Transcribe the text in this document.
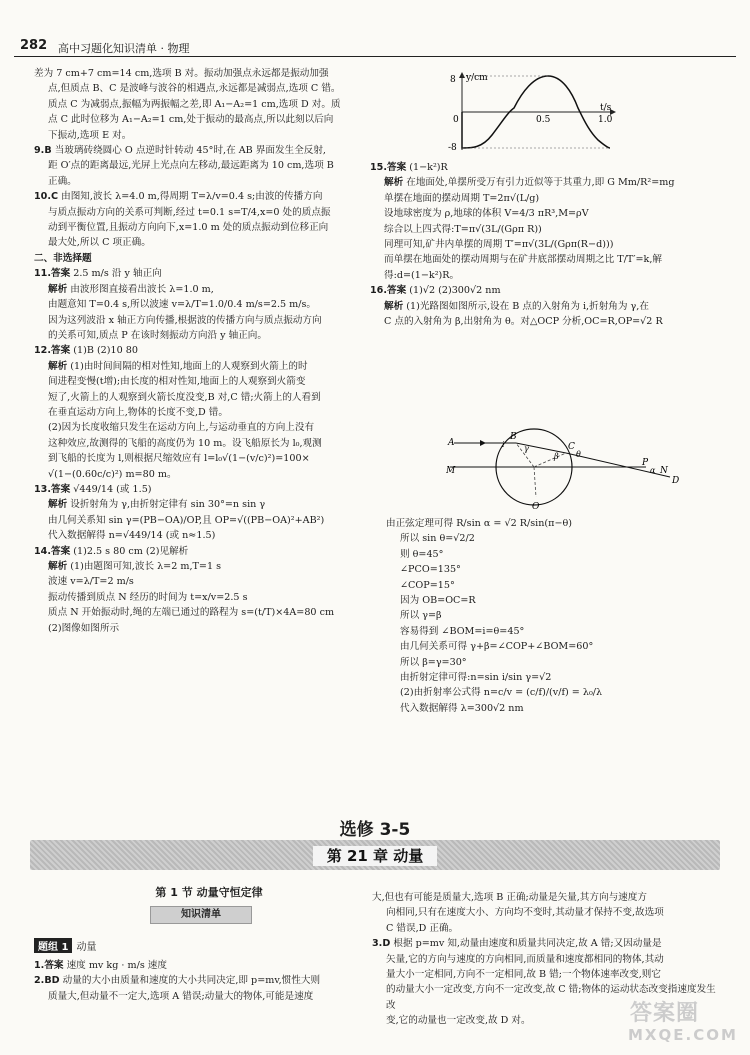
282 高中习题化知识清单 · 物理

差为 7 cm+7 cm=14 cm,选项 B 对。振动加强点永远都是振动加强

点,但质点 B、C 是波峰与波谷的相遇点,永远都是减弱点,选项 C 错。

质点 C 为减弱点,振幅为两振幅之差,即 A₁−A₂=1 cm,选项 D 对。质

点 C 此时位移为 A₁−A₂=1 cm,处于振动的最高点,所以此刻以后向

下振动,选项 E 对。

9.B 当玻璃砖绕圆心 O 点逆时针转动 45°时,在 AB 界面发生全反射,

距 O′点的距离最远,光屏上光点向左移动,最远距离为 10 cm,选项 B

正确。

10.C 由图知,波长 λ=4.0 m,得周期 T=λ/v=0.4 s;由波的传播方向

与质点振动方向的关系可判断,经过 t=0.1 s=T/4,x=0 处的质点振

动到平衡位置,且振动方向向下,x=1.0 m 处的质点振动到位移正向

最大处,所以 C 项正确。

二、非选择题

11.答案 2.5 m/s 沿 y 轴正向

解析 由波形图直接看出波长 λ=1.0 m,

由题意知 T=0.4 s,所以波速 v=λ/T=1.0/0.4 m/s=2.5 m/s。

因为这列波沿 x 轴正方向传播,根据波的传播方向与质点振动方向

的关系可知,质点 P 在该时刻振动方向沿 y 轴正向。

12.答案 (1)B (2)10 80

解析 (1)由时间间隔的相对性知,地面上的人观察到火箭上的时

间进程变慢(t增);由长度的相对性知,地面上的人观察到火箭变

短了,火箭上的人观察到火箭长度没变,B 对,C 错;火箭上的人看到

在垂直运动方向上,物体的长度不变,D 错。

(2)因为长度收缩只发生在运动方向上,与运动垂直的方向上没有

这种效应,故测得的飞船的高度仍为 10 m。设飞船原长为 l₀,观测

到飞船的长度为 l,则根据尺缩效应有 l=l₀√(1−(v/c)²)=100×

√(1−(0.60c/c)²) m=80 m。

13.答案 √449/14 (或 1.5)

解析 设折射角为 γ,由折射定律有 sin 30°=n sin γ

由几何关系知 sin γ=(PB−OA)/OP,且 OP=√((PB−OA)²+AB²)

代入数据解得 n=√449/14 (或 n≈1.5)

14.答案 (1)2.5 s 80 cm (2)见解析

解析 (1)由题图可知,波长 λ=2 m,T=1 s

波速 v=λ/T=2 m/s

振动传播到质点 N 经历的时间为 t=x/v=2.5 s

质点 N 开始振动时,绳的左端已通过的路程为 s=(t/T)×4A=80 cm

(2)图像如图所示

y/cm
8
-8
0	0.5	1.0
t/s

15.答案 (1−k²)R

解析 在地面处,单摆所受万有引力近似等于其重力,即 G Mm/R²=mg

单摆在地面的摆动周期 T=2π√(L/g)

设地球密度为 ρ,地球的体积 V=4/3 πR³,M=ρV

综合以上四式得:T=π√(3L/(Gρπ R))

同理可知,矿井内单摆的周期 T′=π√(3L/(Gρπ(R−d)))

而单摆在地面处的摆动周期与在矿井底部摆动周期之比 T/T′=k,解

得:d=(1−k²)R。

16.答案 (1)√2 (2)300√2 nm

解析 (1)光路图如图所示,设在 B 点的入射角为 i,折射角为 γ,在

C 点的入射角为 β,出射角为 θ。对△OCP 分析,OC=R,OP=√2 R

A
B
i γ
β
C
θ
M
O
P
N
D
α

由正弦定理可得 R/sin α = √2 R/sin(π−θ)

所以 sin θ=√2/2

则 θ=45°

∠PCO=135°

∠COP=15°

因为 OB=OC=R

所以 γ=β

容易得到 ∠BOM=i=θ=45°

由几何关系可得 γ+β=∠COP+∠BOM=60°

所以 β=γ=30°

由折射定律可得:n=sin i/sin γ=√2

(2)由折射率公式得 n=c/v = (c/f)/(v/f) = λ₀/λ

代入数据解得 λ=300√2 nm

选修 3-5
第 21 章 动量
第 1 节 动量守恒定律
知识清单
题组 1 动量

1.答案 速度 mv kg · m/s 速度

2.BD 动量的大小由质量和速度的大小共同决定,即 p=mv,惯性大则

质量大,但动量不一定大,选项 A 错误;动量大的物体,可能是速度

大,但也有可能是质量大,选项 B 正确;动量是矢量,其方向与速度方

向相同,只有在速度大小、方向均不变时,其动量才保持不变,故选项

C 错误,D 正确。

3.D 根据 p=mv 知,动量由速度和质量共同决定,故 A 错;又因动量是

矢量,它的方向与速度的方向相同,而质量和速度都相同的物体,其动

量大小一定相同,方向不一定相同,故 B 错;一个物体速率改变,则它

的动量大小一定改变,方向不一定改变,故 C 错;物体的运动状态改变指速度发生改

变,它的动量也一定改变,故 D 对。	答案圈
MXQE.COM
